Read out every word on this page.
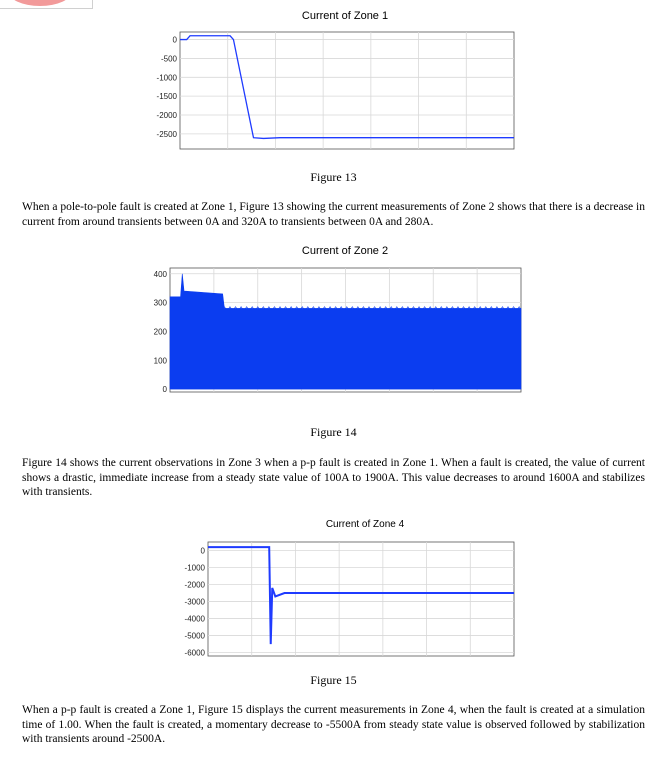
Current of Zone 1
0
-500
-1000
-1500
-2000
-2500
Figure 13
When a pole-to-pole fault is created at Zone 1, Figure 13 showing the current measurements of Zone 2 shows that there is a decrease in current from around transients between 0A and 320A to transients between 0A and 280A.
Current of Zone 2
400
300
200
100
0
Figure 14
Figure 14 shows the current observations in Zone 3 when a p-p fault is created in Zone 1. When a fault is created, the value of current shows a drastic, immediate increase from a steady state value of 100A to 1900A. This value decreases to around 1600A and stabilizes with transients.
Current of Zone 4
0
-1000
-2000
-3000
-4000
-5000
-6000
Figure 15
When a p-p fault is created a Zone 1, Figure 15 displays the current measurements in Zone 4, when the fault is created at a simulation time of 1.00. When the fault is created, a momentary decrease to -5500A from steady state value is observed followed by stabilization with transients around -2500A.
